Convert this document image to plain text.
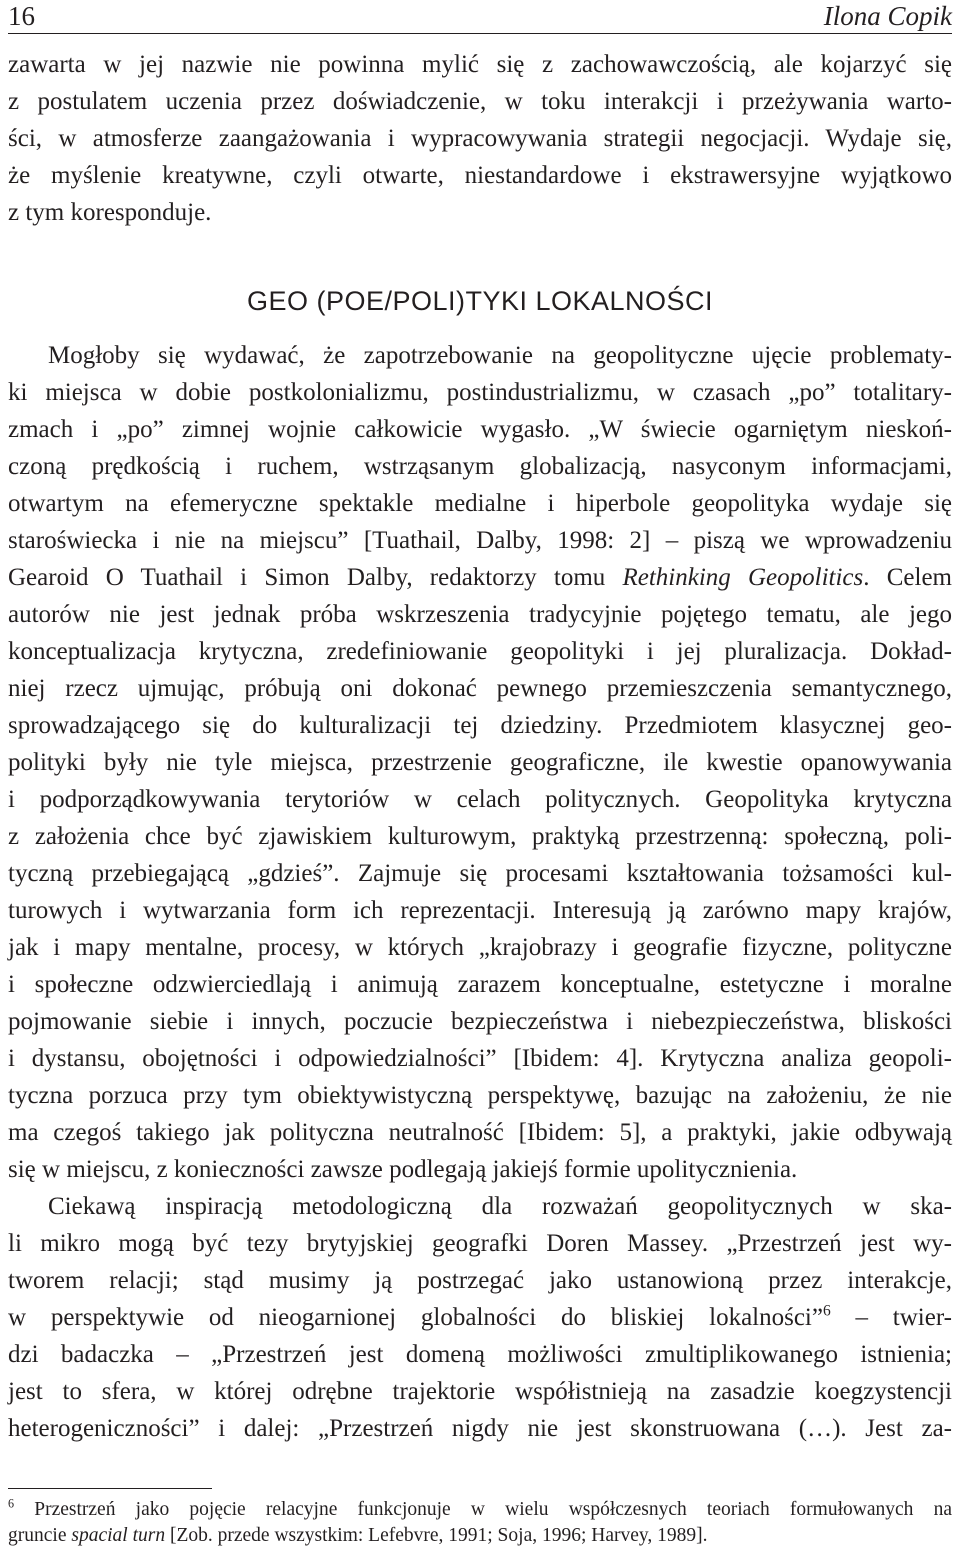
16	Ilona Copik
zawarta w jej nazwie nie powinna mylić się z zachowawczością, ale kojarzyć się
z postulatem uczenia przez doświadczenie, w toku interakcji i przeżywania warto-
ści, w atmosferze zaangażowania i wypracowywania strategii negocjacji. Wydaje się,
że myślenie kreatywne, czyli otwarte, niestandardowe i ekstrawersyjne wyjątkowo
z tym koresponduje.
GEO (POE/POLI)TYKI LOKALNOŚCI
Mogłoby się wydawać, że zapotrzebowanie na geopolityczne ujęcie problematy-
ki miejsca w dobie postkolonializmu, postindustrializmu, w czasach „po” totalitary-
zmach i „po” zimnej wojnie całkowicie wygasło. „W świecie ogarniętym nieskoń-
czoną prędkością i ruchem, wstrząsanym globalizacją, nasyconym informacjami,
otwartym na efemeryczne spektakle medialne i hiperbole geopolityka wydaje się
staroświecka i nie na miejscu” [Tuathail, Dalby, 1998: 2] – piszą we wprowadzeniu
Gearoid O Tuathail i Simon Dalby, redaktorzy tomu Rethinking Geopolitics. Celem
autorów nie jest jednak próba wskrzeszenia tradycyjnie pojętego tematu, ale jego
konceptualizacja krytyczna, zredefiniowanie geopolityki i jej pluralizacja. Dokład-
niej rzecz ujmując, próbują oni dokonać pewnego przemieszczenia semantycznego,
sprowadzającego się do kulturalizacji tej dziedziny. Przedmiotem klasycznej geo-
polityki były nie tyle miejsca, przestrzenie geograficzne, ile kwestie opanowywania
i podporządkowywania terytoriów w celach politycznych. Geopolityka krytyczna
z założenia chce być zjawiskiem kulturowym, praktyką przestrzenną: społeczną, poli-
tyczną przebiegającą „gdzieś”. Zajmuje się procesami kształtowania tożsamości kul-
turowych i wytwarzania form ich reprezentacji. Interesują ją zarówno mapy krajów,
jak i mapy mentalne, procesy, w których „krajobrazy i geografie fizyczne, polityczne
i społeczne odzwierciedlają i animują zarazem konceptualne, estetyczne i moralne
pojmowanie siebie i innych, poczucie bezpieczeństwa i niebezpieczeństwa, bliskości
i dystansu, obojętności i odpowiedzialności” [Ibidem: 4]. Krytyczna analiza geopoli-
tyczna porzuca przy tym obiektywistyczną perspektywę, bazując na założeniu, że nie
ma czegoś takiego jak polityczna neutralność [Ibidem: 5], a praktyki, jakie odbywają
się w miejscu, z konieczności zawsze podlegają jakiejś formie upolitycznienia.
Ciekawą inspiracją metodologiczną dla rozważań geopolitycznych w ska-
li mikro mogą być tezy brytyjskiej geografki Doren Massey. „Przestrzeń jest wy-
tworem relacji; stąd musimy ją postrzegać jako ustanowioną przez interakcje,
w perspektywie od nieogarnionej globalności do bliskiej lokalności”$^6$ – twier-
dzi badaczka – „Przestrzeń jest domeną możliwości zmultiplikowanego istnienia;
jest to sfera, w której odrębne trajektorie współistnieją na zasadzie koegzystencji
heterogeniczności” i dalej: „Przestrzeń nigdy nie jest skonstruowana (…). Jest za-
$^6$ Przestrzeń jako pojęcie relacyjne funkcjonuje w wielu współczesnych teoriach formułowanych na
gruncie spacial turn [Zob. przede wszystkim: Lefebvre, 1991; Soja, 1996; Harvey, 1989].
